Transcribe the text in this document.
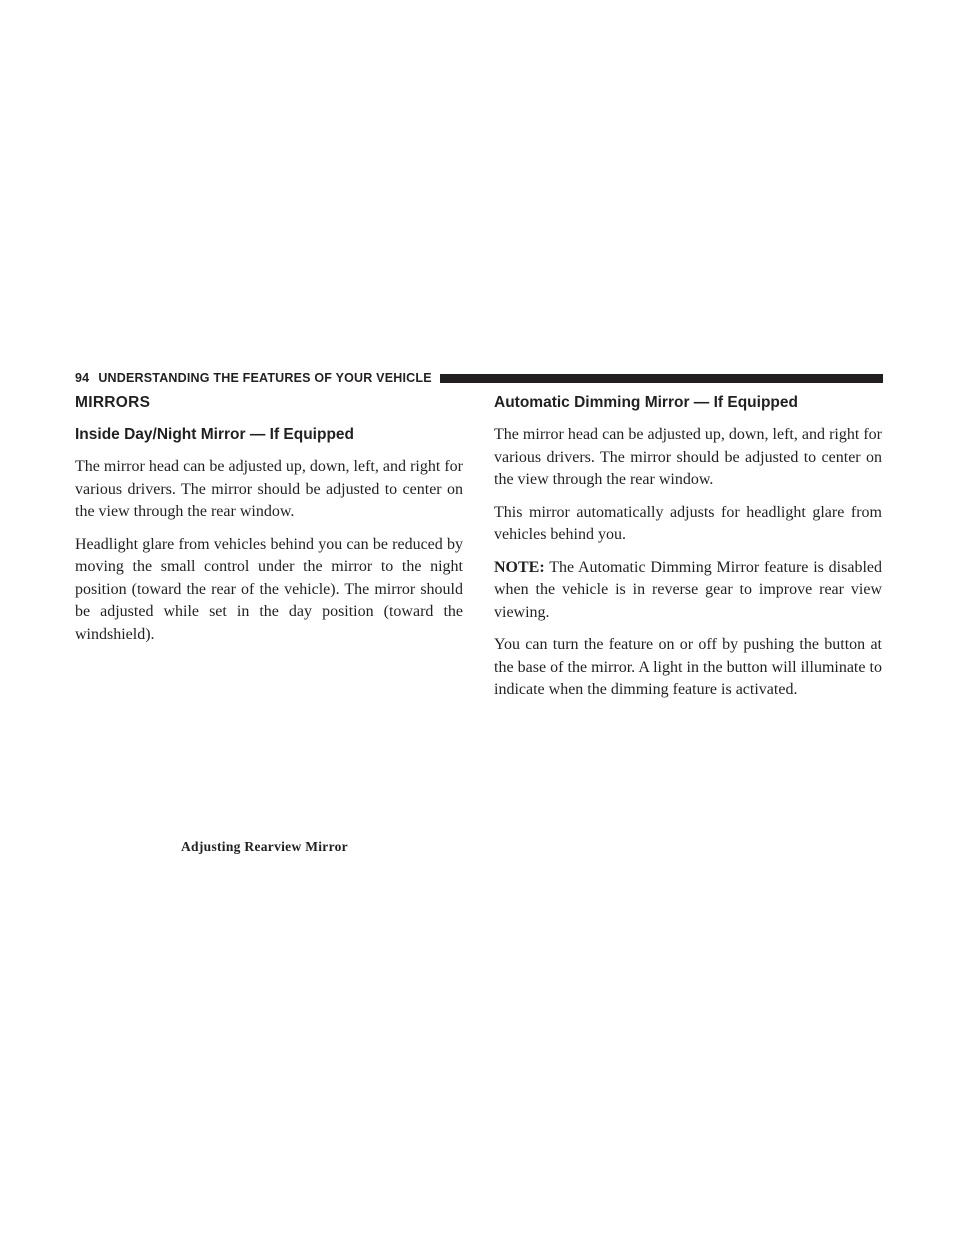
94 UNDERSTANDING THE FEATURES OF YOUR VEHICLE
MIRRORS
Inside Day/Night Mirror — If Equipped

The mirror head can be adjusted up, down, left, and right for various drivers. The mirror should be adjusted to center on the view through the rear window.

Headlight glare from vehicles behind you can be reduced by moving the small control under the mirror to the night position (toward the rear of the vehicle). The mirror should be adjusted while set in the day position (toward the windshield).

Adjusting Rearview Mirror
Automatic Dimming Mirror — If Equipped

The mirror head can be adjusted up, down, left, and right for various drivers. The mirror should be adjusted to center on the view through the rear window.

This mirror automatically adjusts for headlight glare from vehicles behind you.

NOTE: The Automatic Dimming Mirror feature is disabled when the vehicle is in reverse gear to improve rear view viewing.

You can turn the feature on or off by pushing the button at the base of the mirror. A light in the button will illuminate to indicate when the dimming feature is activated.
